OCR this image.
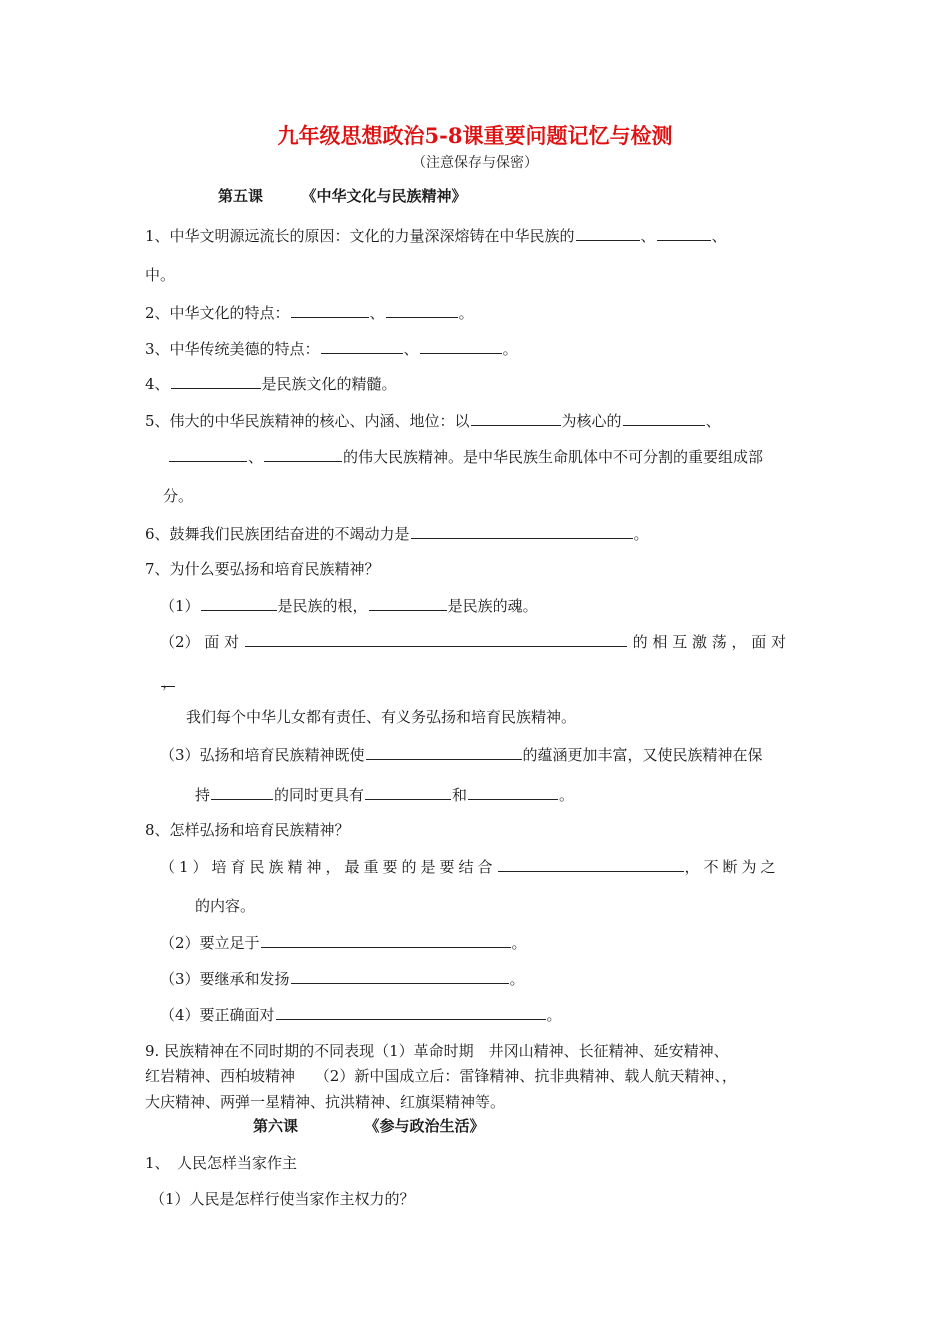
九年级思想政治5-8课重要问题记忆与检测
（注意保存与保密）
第五课	《中华文化与民族精神》
1、中华文明源远流长的原因：文化的力量深深熔铸在中华民族的	、	、
中。
2、中华文化的特点：	、	。
3、中华传统美德的特点：	、	。
4、	是民族文化的精髓。
5、伟大的中华民族精神的核心、内涵、地位：以	为核心的	、
、	的伟大民族精神。是中华民族生命肌体中不可分割的重要组成部
分。
6、鼓舞我们民族团结奋进的不竭动力是	。
7、为什么要弘扬和培育民族精神？
（1）	是民族的根，	是民族的魂。
（2） 面 对	的 相 互 激 荡 ， 面 对
，
我们每个中华儿女都有责任、有义务弘扬和培育民族精神。
（3）弘扬和培育民族精神既使	的蕴涵更加丰富，又使民族精神在保
持	的同时更具有	和	。
8、怎样弘扬和培育民族精神？
（1）培育民族精神，最重要的是要结合	，不断为之
的内容。
（2）要立足于	。
（3）要继承和发扬	。
（4）要正确面对	。
9. 民族精神在不同时期的不同表现（1）革命时期　井冈山精神、长征精神、延安精神、
红岩精神、西柏坡精神　 （2）新中国成立后：雷锋精神、抗非典精神、载人航天精神、，
大庆精神、两弹一星精神、抗洪精神、红旗渠精神等。
第六课	《参与政治生活》
1、　人民怎样当家作主
（1）人民是怎样行使当家作主权力的？
